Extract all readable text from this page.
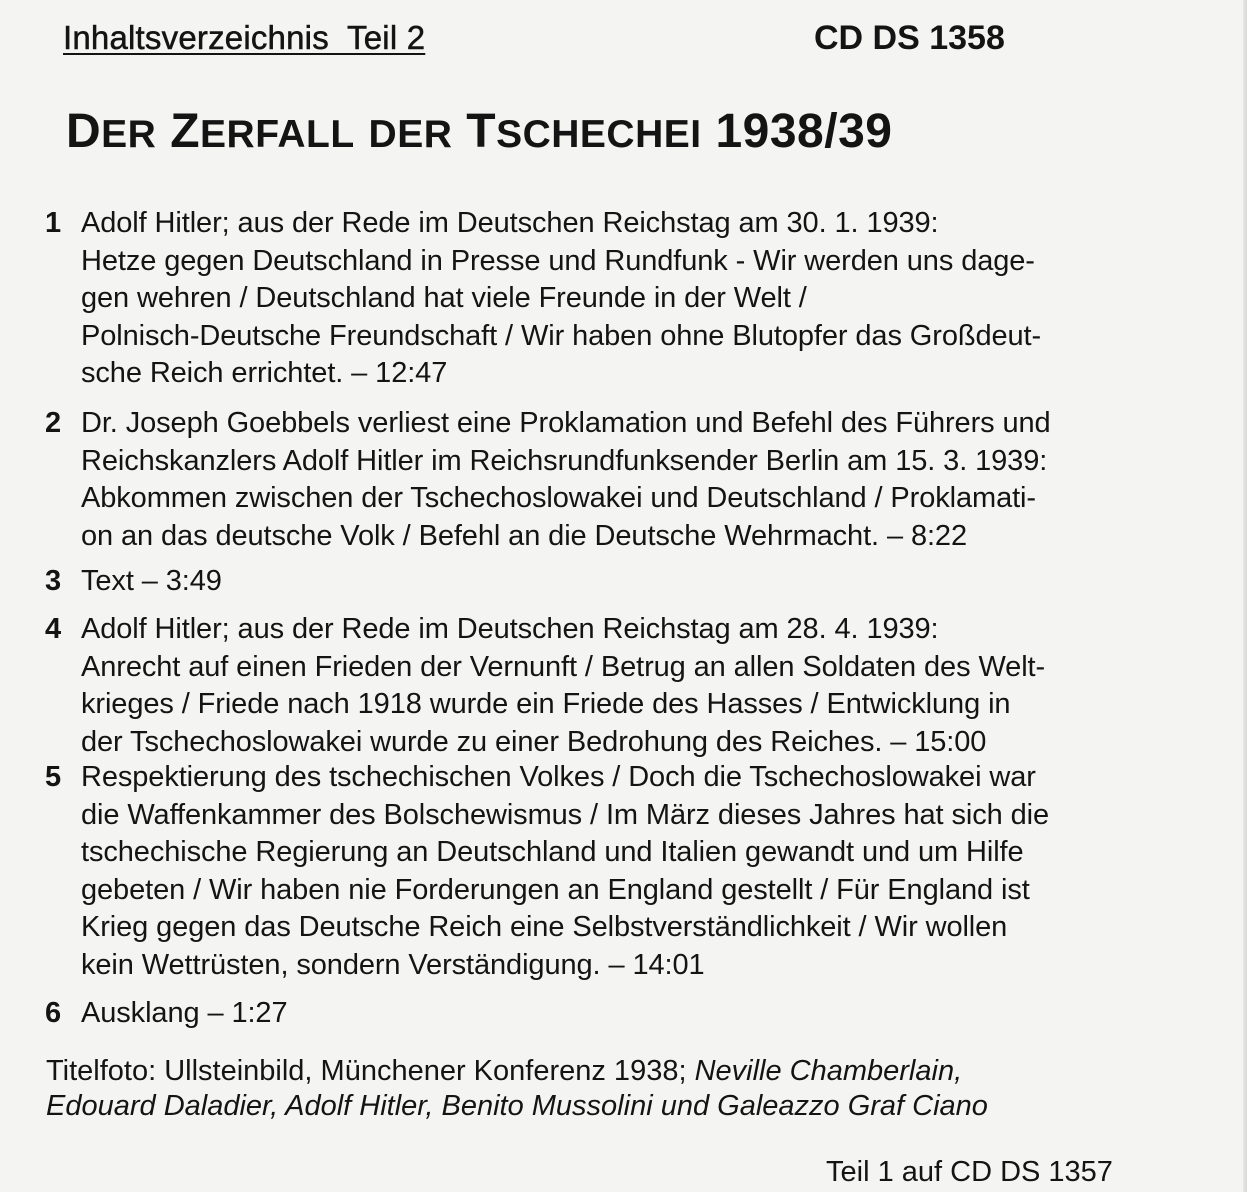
Inhaltsverzeichnis  Teil 2	CD DS 1358
DER ZERFALL DER TSCHECHEI 1938/39
1 Adolf Hitler; aus der Rede im Deutschen Reichstag am 30. 1. 1939:
Hetze gegen Deutschland in Presse und Rundfunk - Wir werden uns dage-
gen wehren / Deutschland hat viele Freunde in der Welt /
Polnisch-Deutsche Freundschaft / Wir haben ohne Blutopfer das Großdeut-
sche Reich errichtet. – 12:47
2 Dr. Joseph Goebbels verliest eine Proklamation und Befehl des Führers und
Reichskanzlers Adolf Hitler im Reichsrundfunksender Berlin am 15. 3. 1939:
Abkommen zwischen der Tschechoslowakei und Deutschland / Proklamati-
on an das deutsche Volk / Befehl an die Deutsche Wehrmacht. – 8:22
3 Text – 3:49
4 Adolf Hitler; aus der Rede im Deutschen Reichstag am 28. 4. 1939:
Anrecht auf einen Frieden der Vernunft / Betrug an allen Soldaten des Welt-
krieges / Friede nach 1918 wurde ein Friede des Hasses / Entwicklung in
der Tschechoslowakei wurde zu einer Bedrohung des Reiches. – 15:00
5 Respektierung des tschechischen Volkes / Doch die Tschechoslowakei war
die Waffenkammer des Bolschewismus / Im März dieses Jahres hat sich die
tschechische Regierung an Deutschland und Italien gewandt und um Hilfe
gebeten / Wir haben nie Forderungen an England gestellt / Für England ist
Krieg gegen das Deutsche Reich eine Selbstverständlichkeit / Wir wollen
kein Wettrüsten, sondern Verständigung. – 14:01
6 Ausklang – 1:27
Titelfoto: Ullsteinbild, Münchener Konferenz 1938; Neville Chamberlain,
Edouard Daladier, Adolf Hitler, Benito Mussolini und Galeazzo Graf Ciano
Teil 1 auf CD DS 1357
